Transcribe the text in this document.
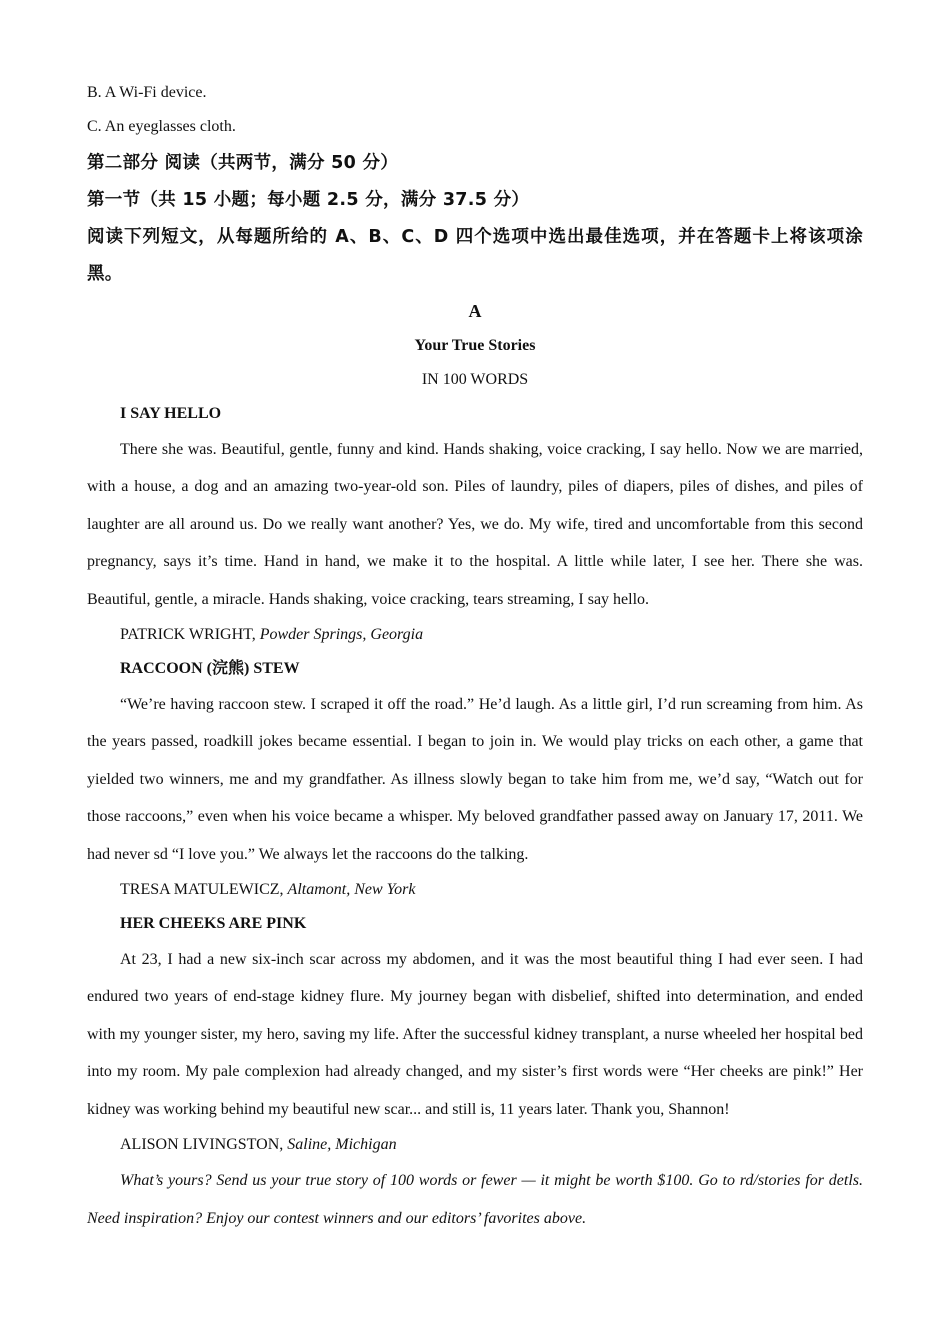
B. A Wi-Fi device.

C. An eyeglasses cloth.

第二部分 阅读（共两节，满分 50 分）

第一节（共 15 小题；每小题 2.5 分，满分 37.5 分）

阅读下列短文，从每题所给的 A、B、C、D 四个选项中选出最佳选项，并在答题卡上将该项涂黑。

A

Your True Stories

IN 100 WORDS

I SAY HELLO

There she was. Beautiful, gentle, funny and kind. Hands shaking, voice cracking, I say hello. Now we are married, with a house, a dog and an amazing two-year-old son. Piles of laundry, piles of diapers, piles of dishes, and piles of laughter are all around us. Do we really want another? Yes, we do. My wife, tired and uncomfortable from this second pregnancy, says it’s time. Hand in hand, we make it to the hospital. A little while later, I see her. There she was. Beautiful, gentle, a miracle. Hands shaking, voice cracking, tears streaming, I say hello.

PATRICK WRIGHT, Powder Springs, Georgia

RACCOON (浣熊) STEW

“We’re having raccoon stew. I scraped it off the road.” He’d laugh. As a little girl, I’d run screaming from him. As the years passed, roadkill jokes became essential. I began to join in. We would play tricks on each other, a game that yielded two winners, me and my grandfather. As illness slowly began to take him from me, we’d say, “Watch out for those raccoons,” even when his voice became a whisper. My beloved grandfather passed away on January 17, 2011. We had never sd “I love you.” We always let the raccoons do the talking.

TRESA MATULEWICZ, Altamont, New York

HER CHEEKS ARE PINK

At 23, I had a new six-inch scar across my abdomen, and it was the most beautiful thing I had ever seen. I had endured two years of end-stage kidney flure. My journey began with disbelief, shifted into determination, and ended with my younger sister, my hero, saving my life. After the successful kidney transplant, a nurse wheeled her hospital bed into my room. My pale complexion had already changed, and my sister’s first words were “Her cheeks are pink!” Her kidney was working behind my beautiful new scar... and still is, 11 years later. Thank you, Shannon!

ALISON LIVINGSTON, Saline, Michigan

What’s yours? Send us your true story of 100 words or fewer — it might be worth $100. Go to rd/stories for detls. Need inspiration? Enjoy our contest winners and our editors’ favorites above.
